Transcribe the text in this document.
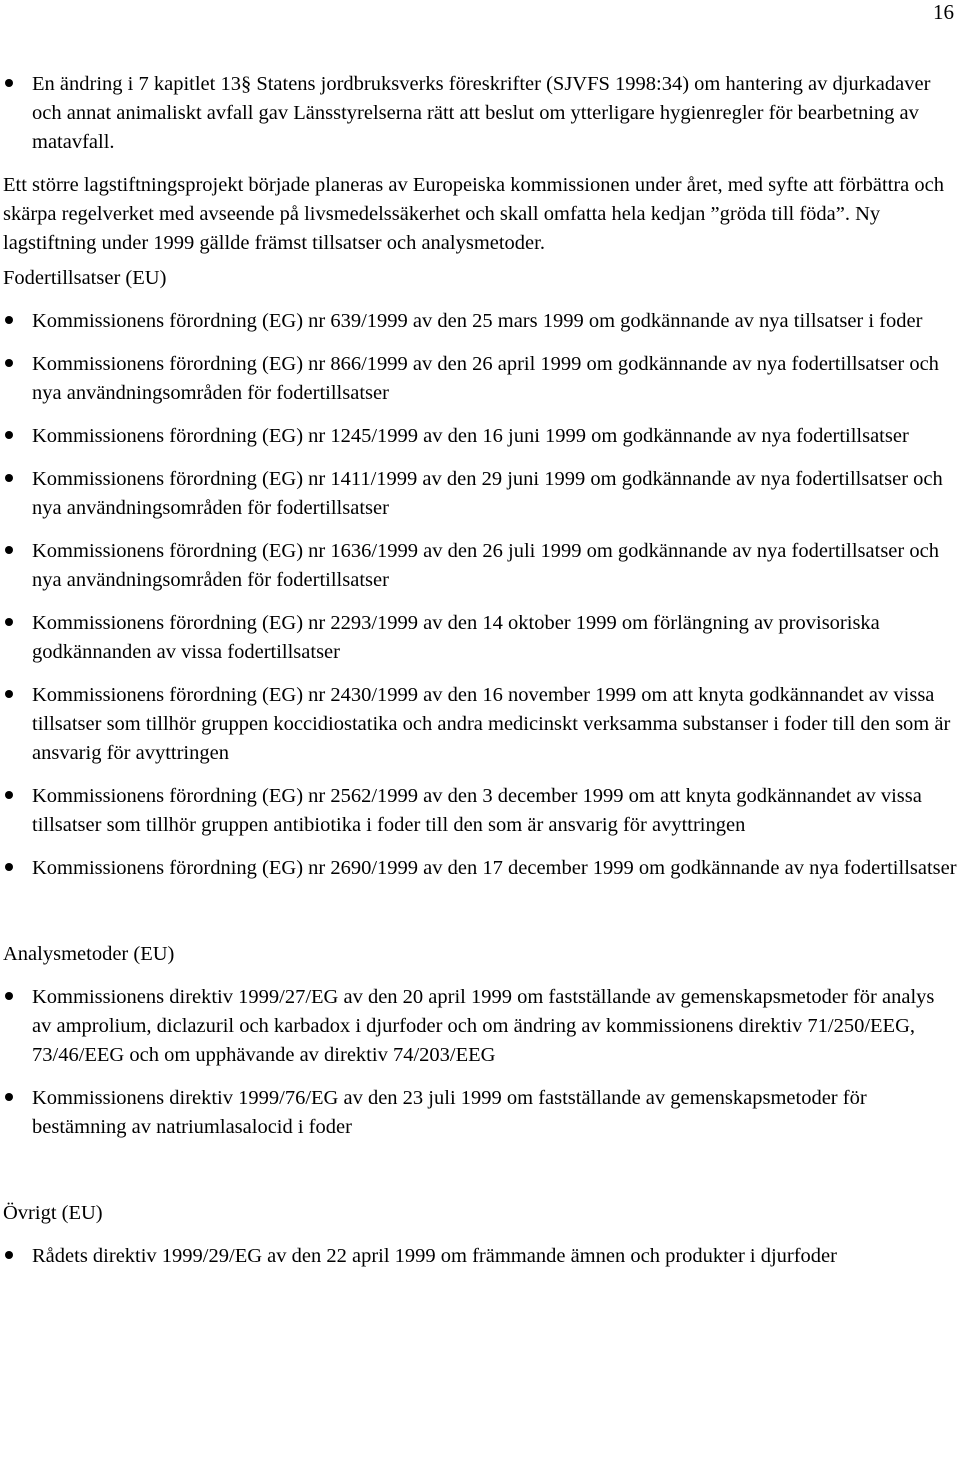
16
En ändring i 7 kapitlet 13§ Statens jordbruksverks föreskrifter (SJVFS 1998:34) om hantering av djurkadaver och annat animaliskt avfall gav Länsstyrelserna rätt att beslut om ytterligare hygienregler för bearbetning av matavfall.

Ett större lagstiftningsprojekt började planeras av Europeiska kommissionen under året, med syfte att förbättra och skärpa regelverket med avseende på livsmedelssäkerhet och skall omfatta hela kedjan ”gröda till föda”. Ny lagstiftning under 1999 gällde främst tillsatser och analysmetoder.

Fodertillsatser (EU)

Kommissionens förordning (EG) nr 639/1999 av den 25 mars 1999 om godkännande av nya tillsatser i foder
Kommissionens förordning (EG) nr 866/1999 av den 26 april 1999 om godkännande av nya fodertillsatser och nya användningsområden för fodertillsatser
Kommissionens förordning (EG) nr 1245/1999 av den 16 juni 1999 om godkännande av nya fodertillsatser
Kommissionens förordning (EG) nr 1411/1999 av den 29 juni 1999 om godkännande av nya fodertillsatser och nya användningsområden för fodertillsatser
Kommissionens förordning (EG) nr 1636/1999 av den 26 juli 1999 om godkännande av nya fodertillsatser och nya användningsområden för fodertillsatser
Kommissionens förordning (EG) nr 2293/1999 av den 14 oktober 1999 om förlängning av provisoriska godkännanden av vissa fodertillsatser
Kommissionens förordning (EG) nr 2430/1999 av den 16 november 1999 om att knyta godkännandet av vissa tillsatser som tillhör gruppen koccidiostatika och andra medicinskt verksamma substanser i foder till den som är ansvarig för avyttringen
Kommissionens förordning (EG) nr 2562/1999 av den 3 december 1999 om att knyta godkännandet av vissa tillsatser som tillhör gruppen antibiotika i foder till den som är ansvarig för avyttringen
Kommissionens förordning (EG) nr 2690/1999 av den 17 december 1999 om godkännande av nya fodertillsatser

Analysmetoder (EU)

Kommissionens direktiv 1999/27/EG av den 20 april 1999 om fastställande av gemenskapsmetoder för analys av amprolium, diclazuril och karbadox i djurfoder och om ändring av kommissionens direktiv 71/250/EEG, 73/46/EEG och om upphävande av direktiv 74/203/EEG
Kommissionens direktiv 1999/76/EG av den 23 juli 1999 om fastställande av gemenskapsmetoder för bestämning av natriumlasalocid i foder

Övrigt (EU)

Rådets direktiv 1999/29/EG av den 22 april 1999 om främmande ämnen och produkter i djurfoder
